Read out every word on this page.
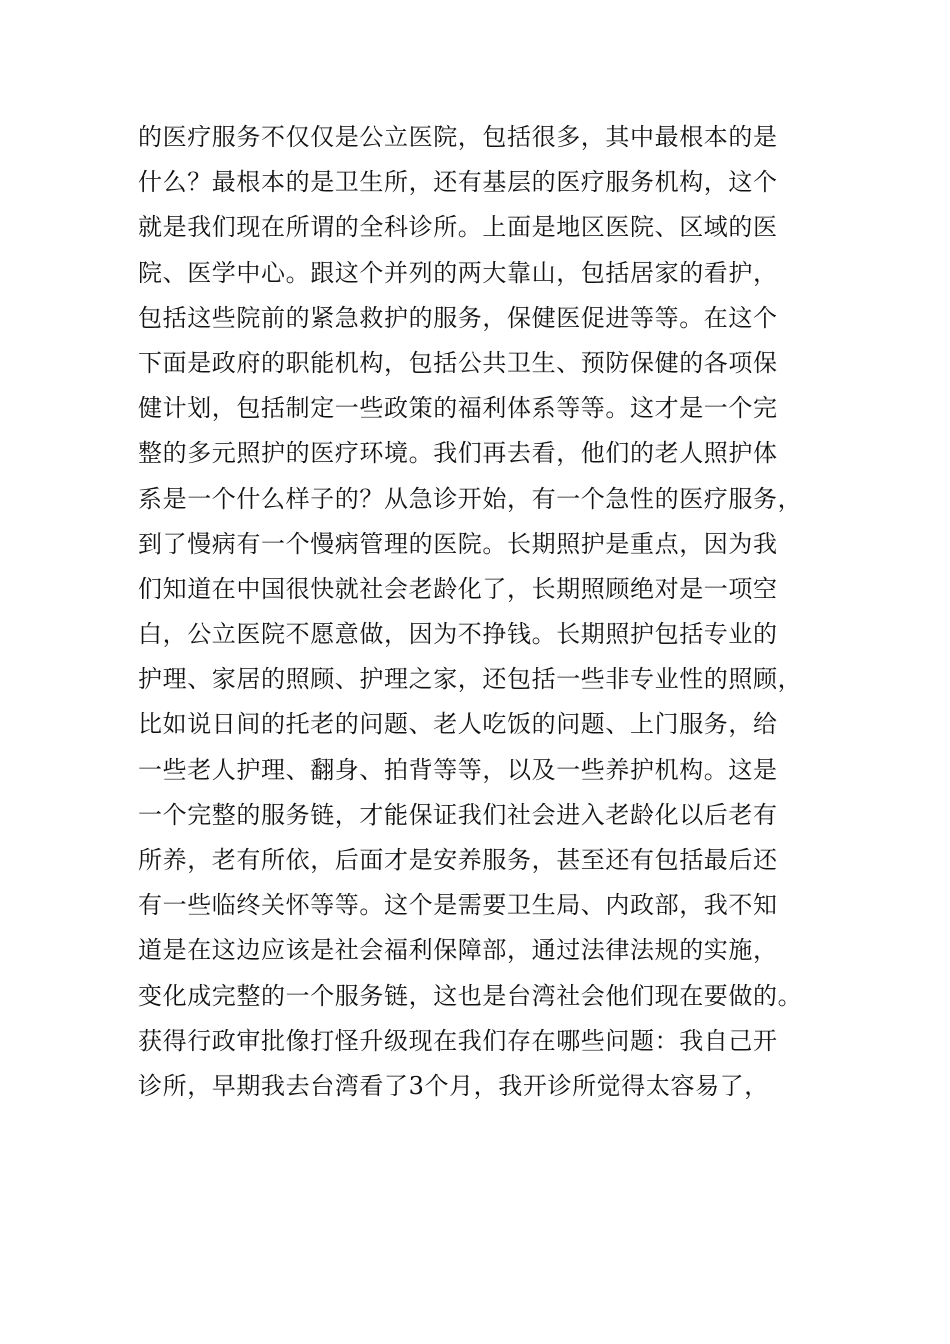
的医疗服务不仅仅是公立医院，包括很多，其中最根本的是
什么？最根本的是卫生所，还有基层的医疗服务机构，这个
就是我们现在所谓的全科诊所。上面是地区医院、区域的医
院、医学中心。跟这个并列的两大靠山，包括居家的看护，
包括这些院前的紧急救护的服务，保健医促进等等。在这个
下面是政府的职能机构，包括公共卫生、预防保健的各项保
健计划，包括制定一些政策的福利体系等等。这才是一个完
整的多元照护的医疗环境。我们再去看，他们的老人照护体
系是一个什么样子的？从急诊开始，有一个急性的医疗服务，
到了慢病有一个慢病管理的医院。长期照护是重点，因为我
们知道在中国很快就社会老龄化了，长期照顾绝对是一项空
白，公立医院不愿意做，因为不挣钱。长期照护包括专业的
护理、家居的照顾、护理之家，还包括一些非专业性的照顾，
比如说日间的托老的问题、老人吃饭的问题、上门服务，给
一些老人护理、翻身、拍背等等，以及一些养护机构。这是
一个完整的服务链，才能保证我们社会进入老龄化以后老有
所养，老有所依，后面才是安养服务，甚至还有包括最后还
有一些临终关怀等等。这个是需要卫生局、内政部，我不知
道是在这边应该是社会福利保障部，通过法律法规的实施，
变化成完整的一个服务链，这也是台湾社会他们现在要做的。
获得行政审批像打怪升级现在我们存在哪些问题：我自己开
诊所，早期我去台湾看了3个月，我开诊所觉得太容易了，
